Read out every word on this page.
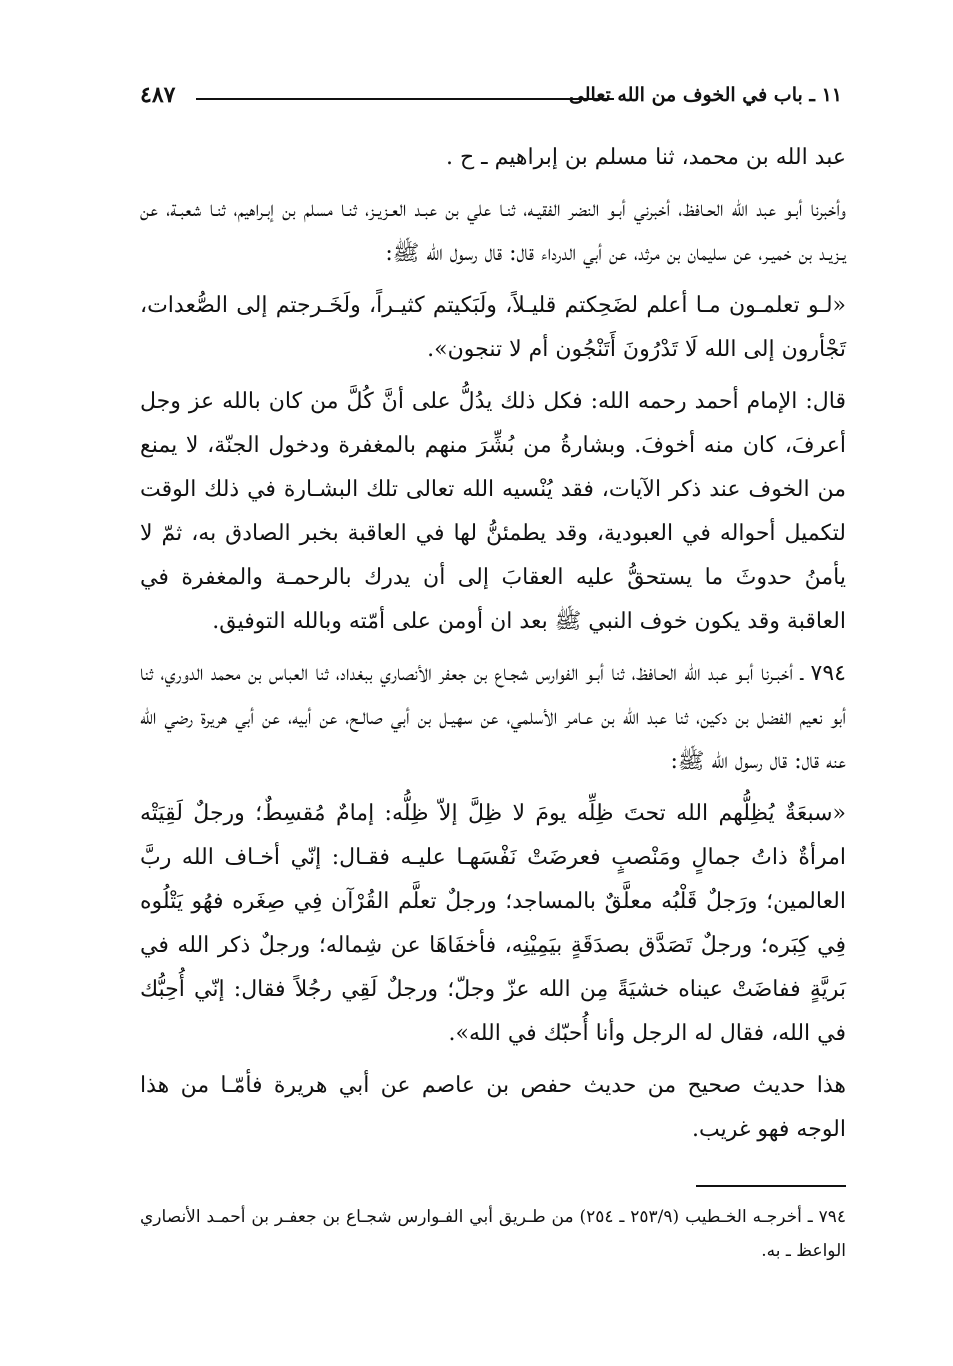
١١ ـ باب في الخوف من الله تعالى
٤٨٧

عبد الله بن محمد، ثنا مسلم بن إبراهيم ـ ح .

وأخبرنا أبـو عبد الله الحـافظ، أخبرني أبـو النضر الفقيـه، ثنـا علي بن عبـد العـزيـز، ثنـا مسلم بن إبـراهيم، ثنـا شعبـة، عن يـزيـد بن خميـر، عن سليمان بن مرثد، عن أبي الدرداء قال: قال رسول الله ﷺ:

«لـو تعلمـون مـا أعلم لضَحِكتم قليـلاً، ولَبَكيتم كثيـراً، ولَخَـرجتم إلى الصُّعدات، تَجْأرون إلى الله لَا تَدْرُونَ أَتَنْجُون أم لا تنجون».

قال: الإمام أحمد رحمه الله: فكل ذلك يدُلُّ على أنَّ كُلَّ من كان بالله عز وجل أعرفَ، كان منه أخوفَ. وبشارةُ من بُشِّرَ منهم بالمغفرة ودخول الجنّة، لا يمنع من الخوف عند ذكر الآيات، فقد يُنْسيه الله تعالى تلك البشـارة في ذلك الوقت لتكميل أحواله في العبودية، وقد يطمئنُّ لها في العاقبة بخبر الصادق به، ثمّ لا يأمنُ حدوثَ ما يستحقُّ عليه العقابَ إلى أن يدرك بالرحمـة والمغفرة في العاقبة وقد يكون خوف النبي ﷺ بعد ان أومن على أمّته وبالله التوفيق.

٧٩٤ ـ أخبـرنا أبـو عبد الله الحـافظ، ثنا أبـو الفوارس شجـاع بن جعفر الأنصاري ببغداد، ثنا العباس بن محمد الدوري، ثنا أبو نعيم الفضل بن دكين، ثنا عبد الله بن عـامر الأسلمي، عن سهيـل بن أبي صالـح، عن أبيه، عن أبي هريرة رضي الله عنه قال: قال رسول الله ﷺ:

«سبعَةٌ يُظِلُّهم الله تحتَ ظِلِّه يومَ لا ظِلَّ إلاّ ظِلُّه: إمامٌ مُقسِطٌ؛ ورجلٌ لَقِيَتْه امرأةٌ ذاتُ جمالٍ ومَنْصبٍ فعرضَتْ نَفْسَهـا عليـه فقـال: إنّي أخـاف الله ربَّ العالمين؛ ورَجلٌ قَلْبُه معلَّقٌ بالمساجد؛ ورجلٌ تعلَّم القُرْآن فِي صِغَره فهُو يَتْلُوه فِي كِبَره؛ ورجلٌ تَصَدَّق بصدَقَةٍ بيَمِيْنِه، فأخفَاهَا عن شِماله؛ ورجلٌ ذكر الله في بَريَّةٍ ففاضَتْ عيناه خشيَةً مِن الله عزّ وجلّ؛ ورجلٌ لَقِي رجُلاً فقال: إنّي أُحِبُّك في الله، فقال له الرجل وأنا أُحبّك في الله».

هذا حديث صحيح من حديث حفص بن عاصم عن أبي هريرة فأمّـا من هذا الوجه فهو غريب.

٧٩٤ ـ أخرجـه الخـطيب (٢٥٣/٩ ـ ٢٥٤) من طـريق أبي الفـوارس شجـاع بن جعفـر بن أحمـد الأنصاري الواعظ ـ به.
